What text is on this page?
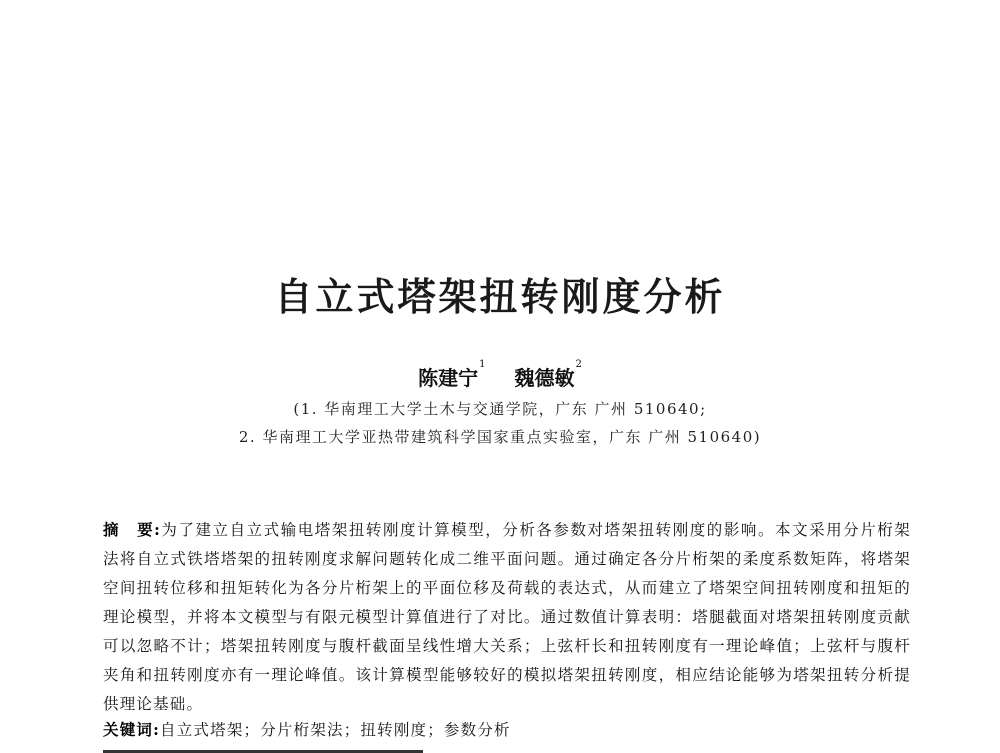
自立式塔架扭转刚度分析
陈建宁$^1$ 魏德敏$^2$
(1. 华南理工大学土木与交通学院，广东 广州 510640;
2. 华南理工大学亚热带建筑科学国家重点实验室，广东 广州 510640)
摘　要:为了建立自立式输电塔架扭转刚度计算模型，分析各参数对塔架扭转刚度的影响。本文采用分片桁架法将自立式铁塔塔架的扭转刚度求解问题转化成二维平面问题。通过确定各分片桁架的柔度系数矩阵，将塔架空间扭转位移和扭矩转化为各分片桁架上的平面位移及荷载的表达式，从而建立了塔架空间扭转刚度和扭矩的理论模型，并将本文模型与有限元模型计算值进行了对比。通过数值计算表明：塔腿截面对塔架扭转刚度贡献可以忽略不计；塔架扭转刚度与腹杆截面呈线性增大关系；上弦杆长和扭转刚度有一理论峰值；上弦杆与腹杆夹角和扭转刚度亦有一理论峰值。该计算模型能够较好的模拟塔架扭转刚度，相应结论能够为塔架扭转分析提供理论基础。
关键词:自立式塔架；分片桁架法；扭转刚度；参数分析
